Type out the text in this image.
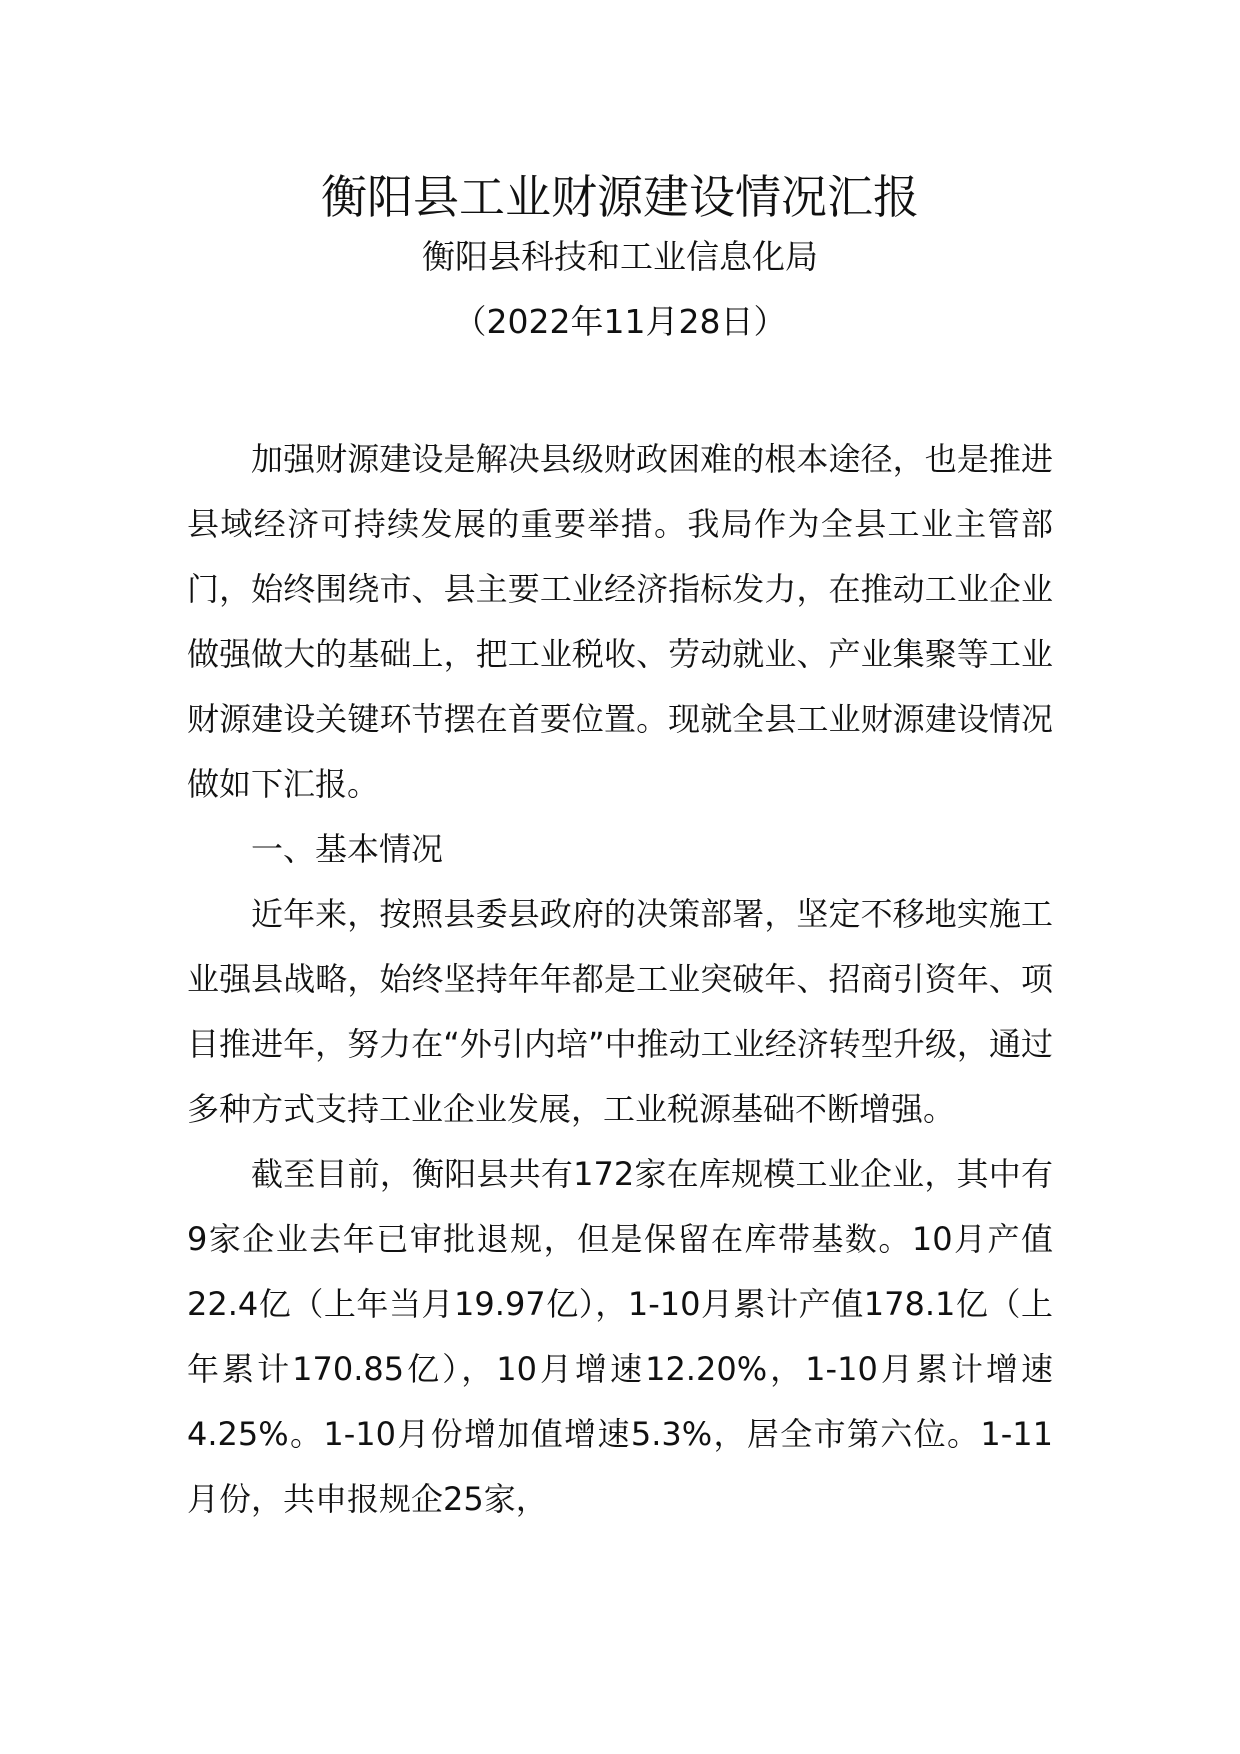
衡阳县工业财源建设情况汇报
衡阳县科技和工业信息化局
（2022年11月28日）

加强财源建设是解决县级财政困难的根本途径，也是推进县域经济可持续发展的重要举措。我局作为全县工业主管部门，始终围绕市、县主要工业经济指标发力，在推动工业企业做强做大的基础上，把工业税收、劳动就业、产业集聚等工业财源建设关键环节摆在首要位置。现就全县工业财源建设情况做如下汇报。

一、基本情况

近年来，按照县委县政府的决策部署，坚定不移地实施工业强县战略，始终坚持年年都是工业突破年、招商引资年、项目推进年，努力在“外引内培”中推动工业经济转型升级，通过多种方式支持工业企业发展，工业税源基础不断增强。

截至目前，衡阳县共有172家在库规模工业企业，其中有9家企业去年已审批退规，但是保留在库带基数。10月产值22.4亿（上年当月19.97亿），1-10月累计产值178.1亿（上年累计170.85亿），10月增速12.20%，1-10月累计增速4.25%。1-10月份增加值增速5.3%，居全市第六位。1-11月份，共申报规企25家，
